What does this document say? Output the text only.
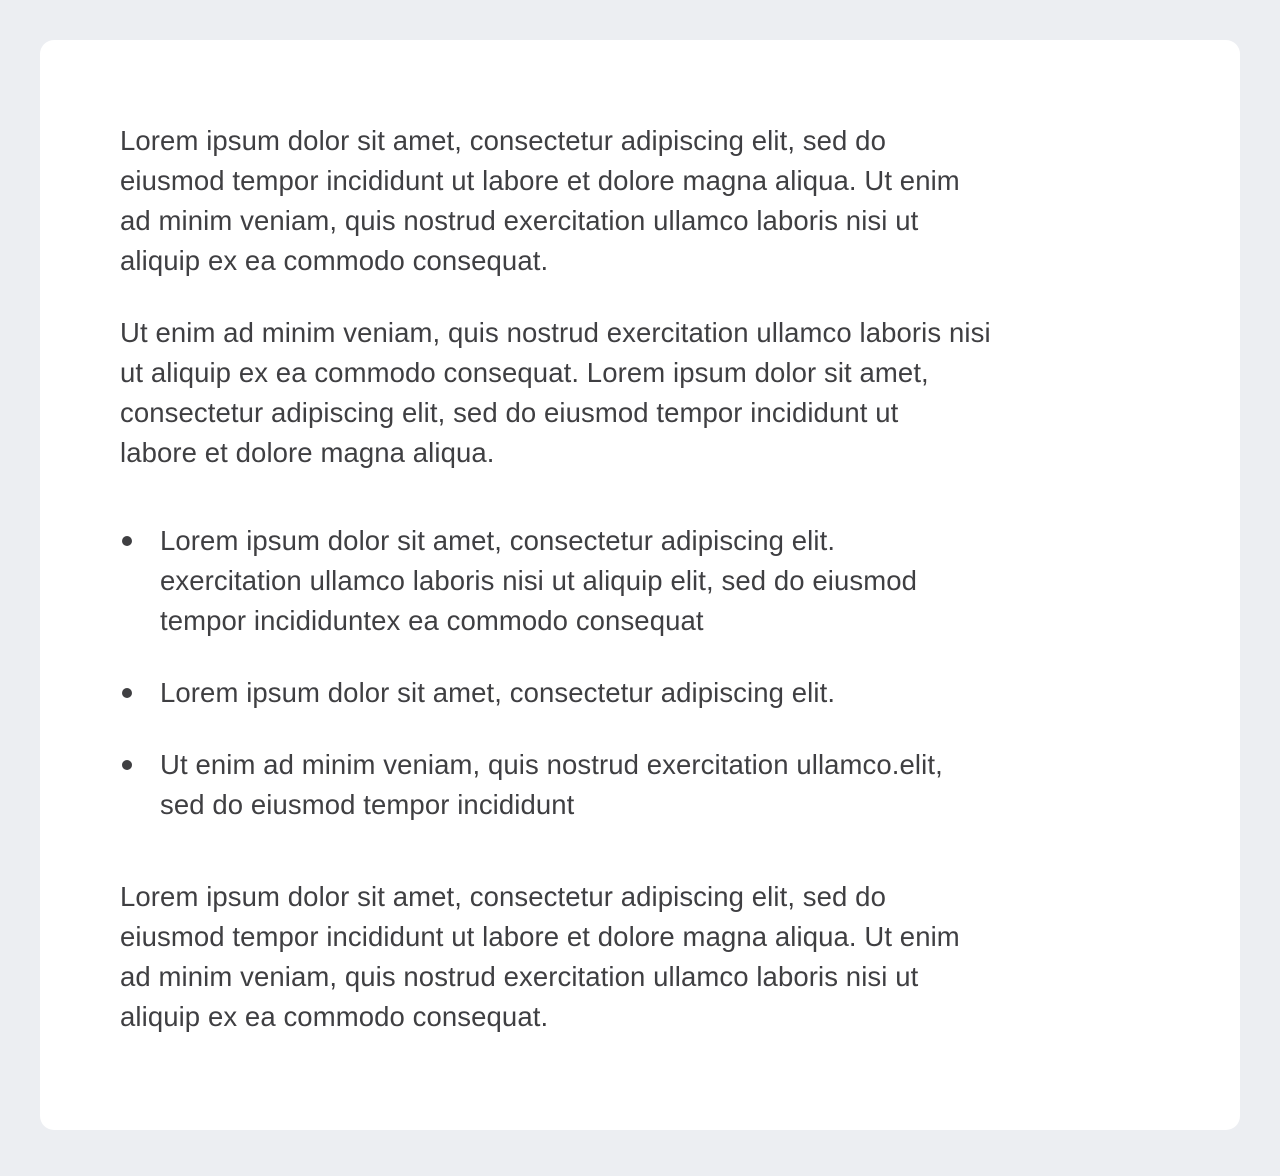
Lorem ipsum dolor sit amet, consectetur adipiscing elit, sed do
eiusmod tempor incididunt ut labore et dolore magna aliqua. Ut enim
ad minim veniam, quis nostrud exercitation ullamco laboris nisi ut
aliquip ex ea commodo consequat.

Ut enim ad minim veniam, quis nostrud exercitation ullamco laboris nisi
ut aliquip ex ea commodo consequat. Lorem ipsum dolor sit amet,
consectetur adipiscing elit, sed do eiusmod tempor incididunt ut
labore et dolore magna aliqua.

Lorem ipsum dolor sit amet, consectetur adipiscing elit.
exercitation ullamco laboris nisi ut aliquip elit, sed do eiusmod
tempor incididuntex ea commodo consequat
Lorem ipsum dolor sit amet, consectetur adipiscing elit.
Ut enim ad minim veniam, quis nostrud exercitation ullamco.elit,
sed do eiusmod tempor incididunt

Lorem ipsum dolor sit amet, consectetur adipiscing elit, sed do
eiusmod tempor incididunt ut labore et dolore magna aliqua. Ut enim
ad minim veniam, quis nostrud exercitation ullamco laboris nisi ut
aliquip ex ea commodo consequat.
